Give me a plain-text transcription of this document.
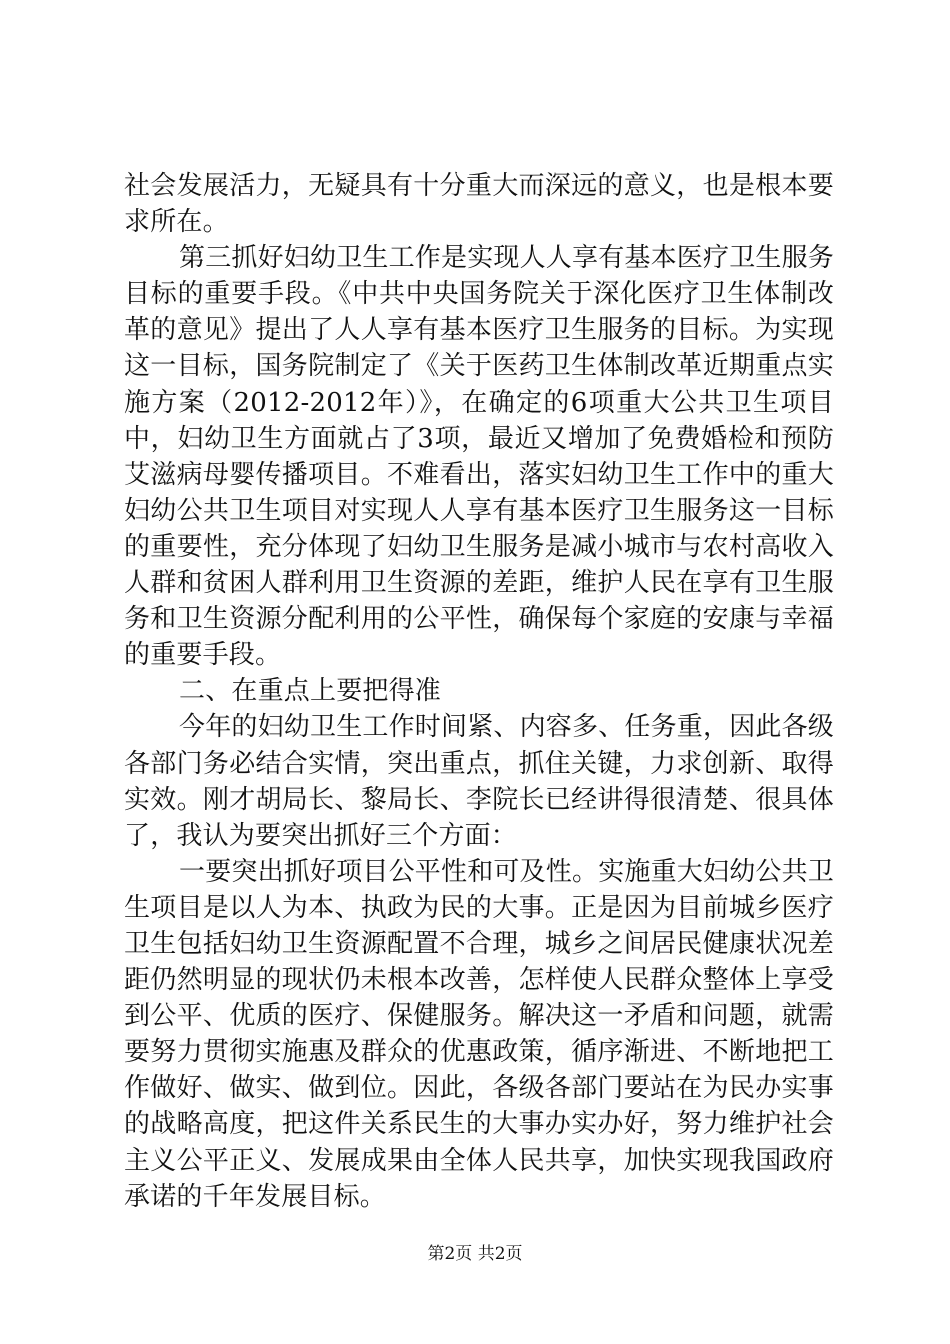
社会发展活力，无疑具有十分重大而深远的意义，也是根本要求所在。

第三抓好妇幼卫生工作是实现人人享有基本医疗卫生服务目标的重要手段。《中共中央国务院关于深化医疗卫生体制改革的意见》提出了人人享有基本医疗卫生服务的目标。为实现这一目标，国务院制定了《关于医药卫生体制改革近期重点实施方案（2012-2012年）》，在确定的6项重大公共卫生项目中，妇幼卫生方面就占了3项，最近又增加了免费婚检和预防艾滋病母婴传播项目。不难看出，落实妇幼卫生工作中的重大妇幼公共卫生项目对实现人人享有基本医疗卫生服务这一目标的重要性，充分体现了妇幼卫生服务是减小城市与农村高收入人群和贫困人群利用卫生资源的差距，维护人民在享有卫生服务和卫生资源分配利用的公平性，确保每个家庭的安康与幸福的重要手段。

二、在重点上要把得准

今年的妇幼卫生工作时间紧、内容多、任务重，因此各级各部门务必结合实情，突出重点，抓住关键，力求创新、取得实效。刚才胡局长、黎局长、李院长已经讲得很清楚、很具体了，我认为要突出抓好三个方面：

一要突出抓好项目公平性和可及性。实施重大妇幼公共卫生项目是以人为本、执政为民的大事。正是因为目前城乡医疗卫生包括妇幼卫生资源配置不合理，城乡之间居民健康状况差距仍然明显的现状仍未根本改善，怎样使人民群众整体上享受到公平、优质的医疗、保健服务。解决这一矛盾和问题，就需要努力贯彻实施惠及群众的优惠政策，循序渐进、不断地把工作做好、做实、做到位。因此，各级各部门要站在为民办实事的战略高度，把这件关系民生的大事办实办好，努力维护社会主义公平正义、发展成果由全体人民共享，加快实现我国政府承诺的千年发展目标。

第2页 共2页
